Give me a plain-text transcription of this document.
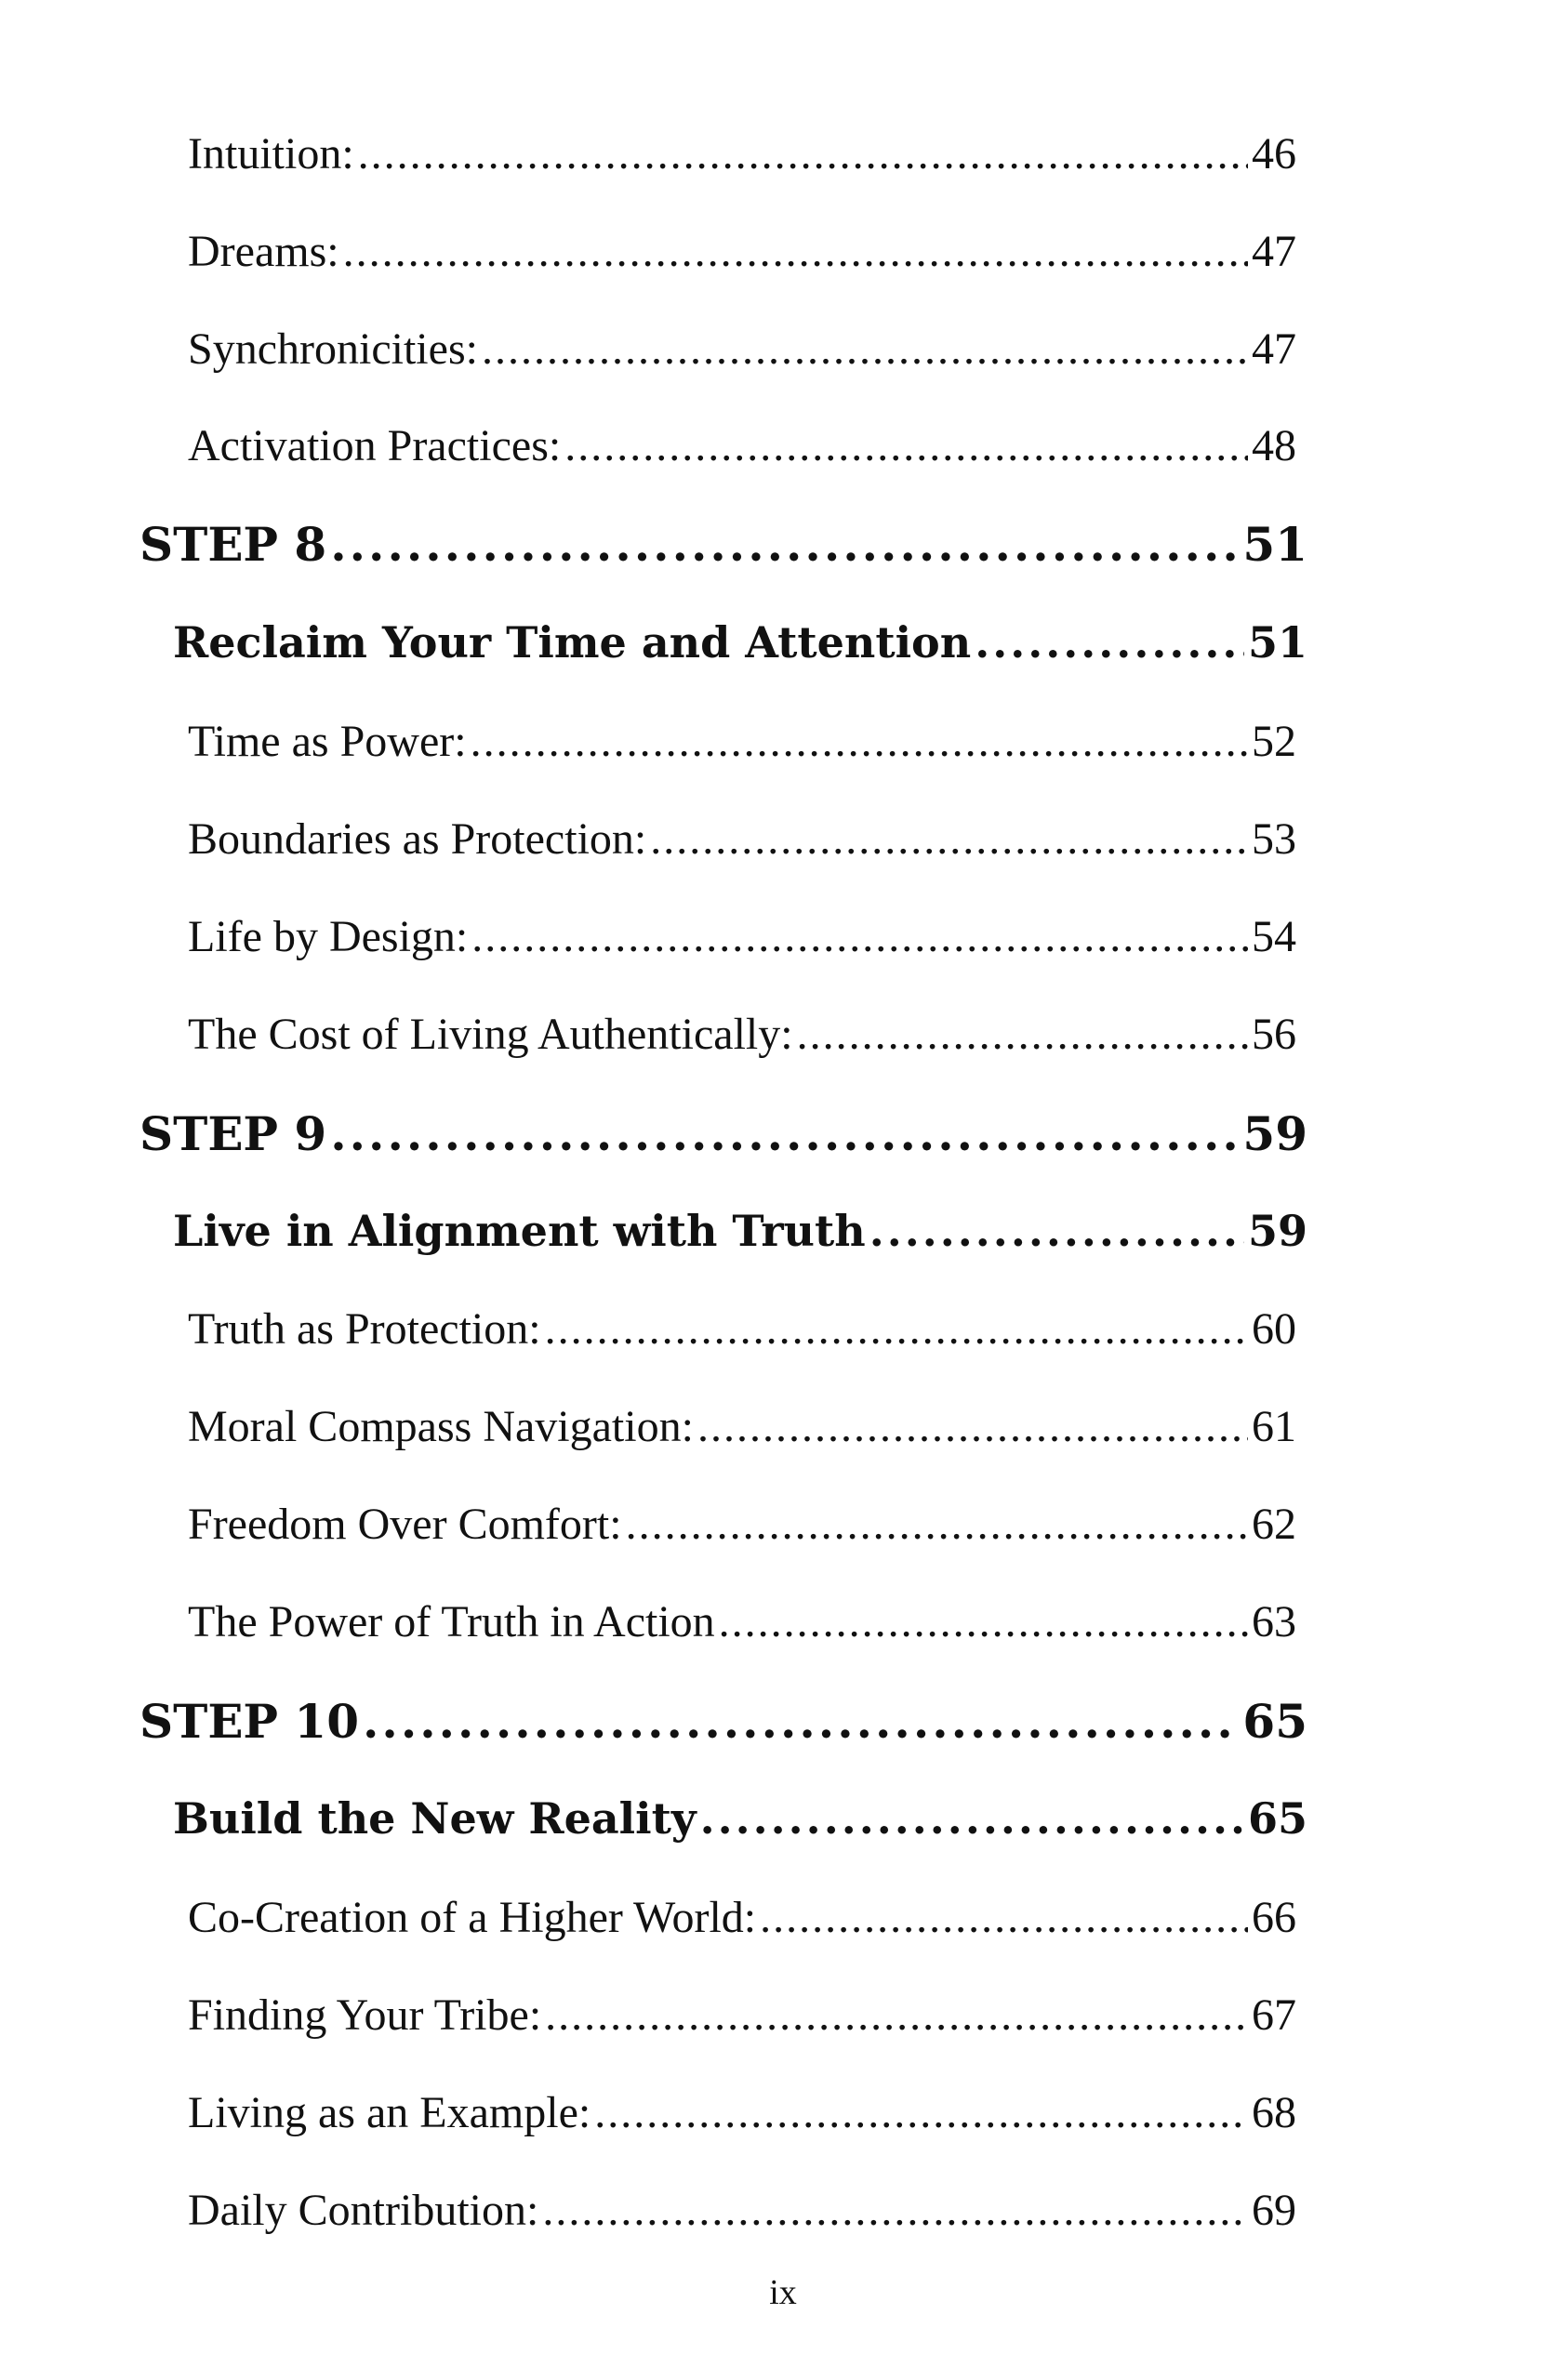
Intuition: .....	46
Dreams: .....	47
Synchronicities: .....	47
Activation Practices: .....	48
STEP 8 .....	51
Reclaim Your Time and Attention .....	51
Time as Power: .....	52
Boundaries as Protection: .....	53
Life by Design: .....	54
The Cost of Living Authentically: .....	56
STEP 9 .....	59
Live in Alignment with Truth .....	59
Truth as Protection: .....	60
Moral Compass Navigation: .....	61
Freedom Over Comfort: .....	62
The Power of Truth in Action .....	63
STEP 10 .....	65
Build the New Reality .....	65
Co-Creation of a Higher World: .....	66
Finding Your Tribe: .....	67
Living as an Example: .....	68
Daily Contribution: .....	69
ix
